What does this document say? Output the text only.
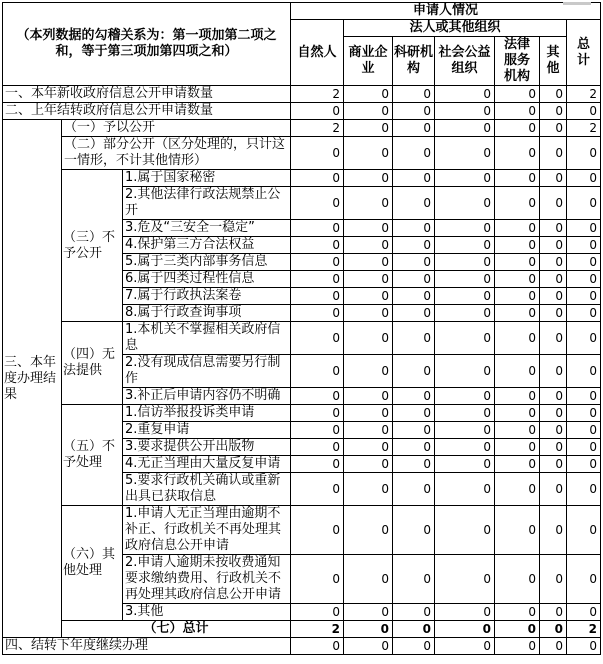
（本列数据的勾稽关系为：第一项加第二项之和，等于第三项加第四项之和）			申请人情况						
			自然人	法人或其他组织					总计
				商业企业	科研机构	社会公益组织	法律服务机构	其他	
一、本年新收政府信息公开申请数量			2	0	0	0	0	0	2
二、上年结转政府信息公开申请数量			0	0	0	0	0	0	0
三、本年度办理结果	（一）予以公开		2	0	0	0	0	0	2
	（二）部分公开（区分处理的，只计这一情形，不计其他情形）		0	0	0	0	0	0	0
	（三）不予公开	1.属于国家秘密	0	0	0	0	0	0	0
		2.其他法律行政法规禁止公开	0	0	0	0	0	0	0
		3.危及“三安全一稳定”	0	0	0	0	0	0	0
		4.保护第三方合法权益	0	0	0	0	0	0	0
		5.属于三类内部事务信息	0	0	0	0	0	0	0
		6.属于四类过程性信息	0	0	0	0	0	0	0
		7.属于行政执法案卷	0	0	0	0	0	0	0
		8.属于行政查询事项	0	0	0	0	0	0	0
	（四）无法提供	1.本机关不掌握相关政府信息	0	0	0	0	0	0	0
		2.没有现成信息需要另行制作	0	0	0	0	0	0	0
		3.补正后申请内容仍不明确	0	0	0	0	0	0	0
	（五）不予处理	1.信访举报投诉类申请	0	0	0	0	0	0	0
		2.重复申请	0	0	0	0	0	0	0
		3.要求提供公开出版物	0	0	0	0	0	0	0
		4.无正当理由大量反复申请	0	0	0	0	0	0	0
		5.要求行政机关确认或重新出具已获取信息	0	0	0	0	0	0	0
	（六）其他处理	1.申请人无正当理由逾期不补正、行政机关不再处理其政府信息公开申请	0	0	0	0	0	0	0
		2.申请人逾期未按收费通知要求缴纳费用、行政机关不再处理其政府信息公开申请	0	0	0	0	0	0	0
		3.其他	0	0	0	0	0	0	0
	（七）总计		2	0	0	0	0	0	2
四、结转下年度继续办理			0	0	0	0	0	0	0
